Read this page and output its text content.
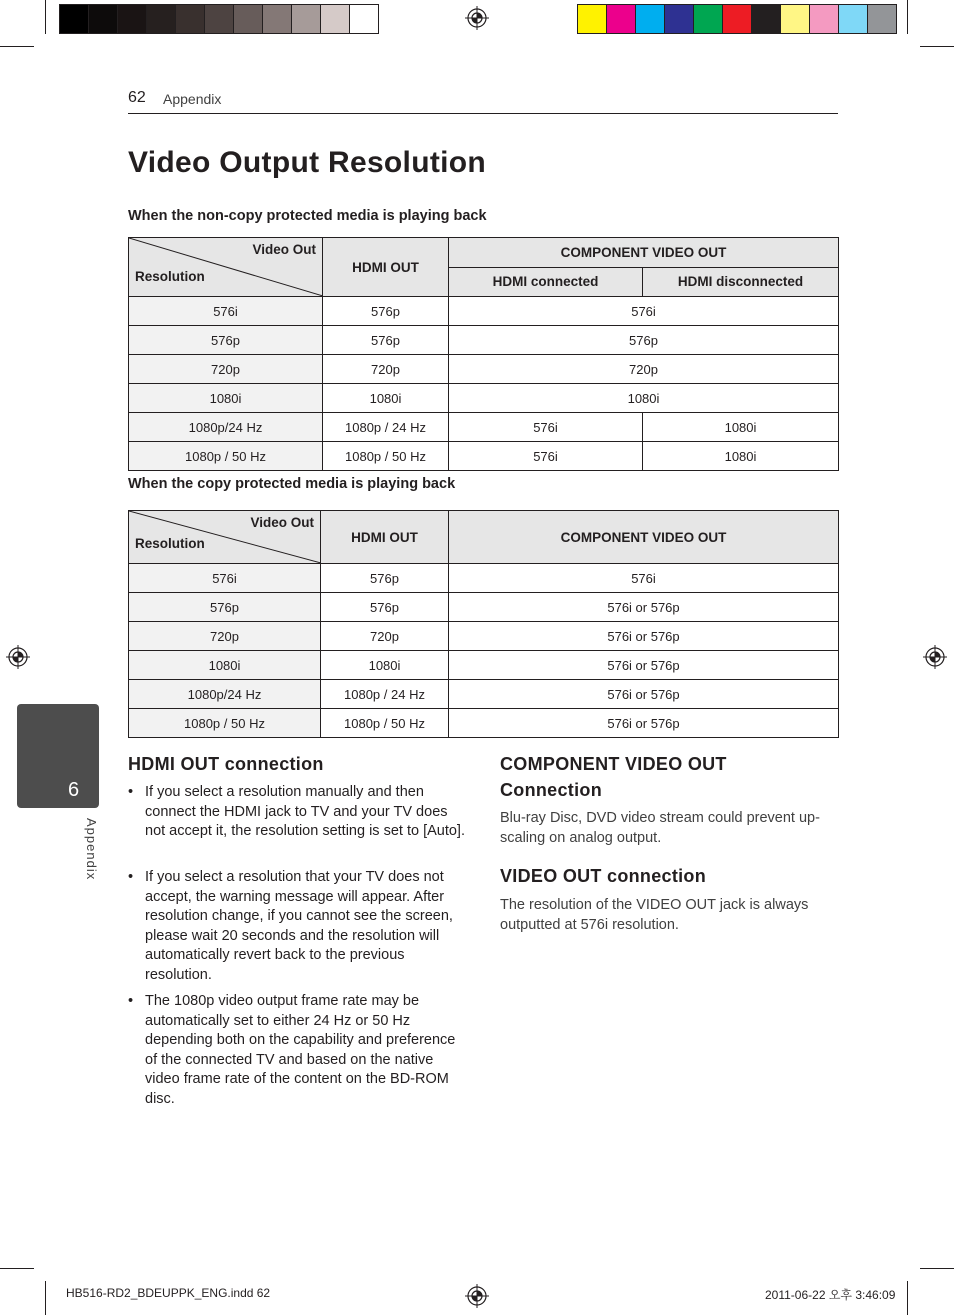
62 Appendix
Video Output Resolution
When the non-copy protected media is playing back
Video Out
Resolution	HDMI OUT	COMPONENT VIDEO OUT	
		HDMI connected	HDMI disconnected
576i	576p	576i	
576p	576p	576p	
720p	720p	720p	
1080i	1080i	1080i	
1080p/24 Hz	1080p / 24 Hz	576i	1080i
1080p / 50 Hz	1080p / 50 Hz	576i	1080i
When the copy protected media is playing back
Video Out
Resolution	HDMI OUT	COMPONENT VIDEO OUT
576i	576p	576i
576p	576p	576i or 576p
720p	720p	576i or 576p
1080i	1080i	576i or 576p
1080p/24 Hz	1080p / 24 Hz	576i or 576p
1080p / 50 Hz	1080p / 50 Hz	576i or 576p
6
Appendix
HDMI OUT connection
• If you select a resolution manually and then connect the HDMI jack to TV and your TV does not accept it, the resolution setting is set to [Auto].
• If you select a resolution that your TV does not accept, the warning message will appear. After resolution change, if you cannot see the screen, please wait 20 seconds and the resolution will automatically revert back to the previous resolution.
• The 1080p video output frame rate may be automatically set to either 24 Hz or 50 Hz depending both on the capability and preference of the connected TV and based on the native video frame rate of the content on the BD-ROM disc.
COMPONENT VIDEO OUT
Connection
Blu-ray Disc, DVD video stream could prevent up-scaling on analog output.
VIDEO OUT connection
The resolution of the VIDEO OUT jack is always outputted at 576i resolution.
HB516-RD2_BDEUPPK_ENG.indd 62	2011-06-22 오후 3:46:09
